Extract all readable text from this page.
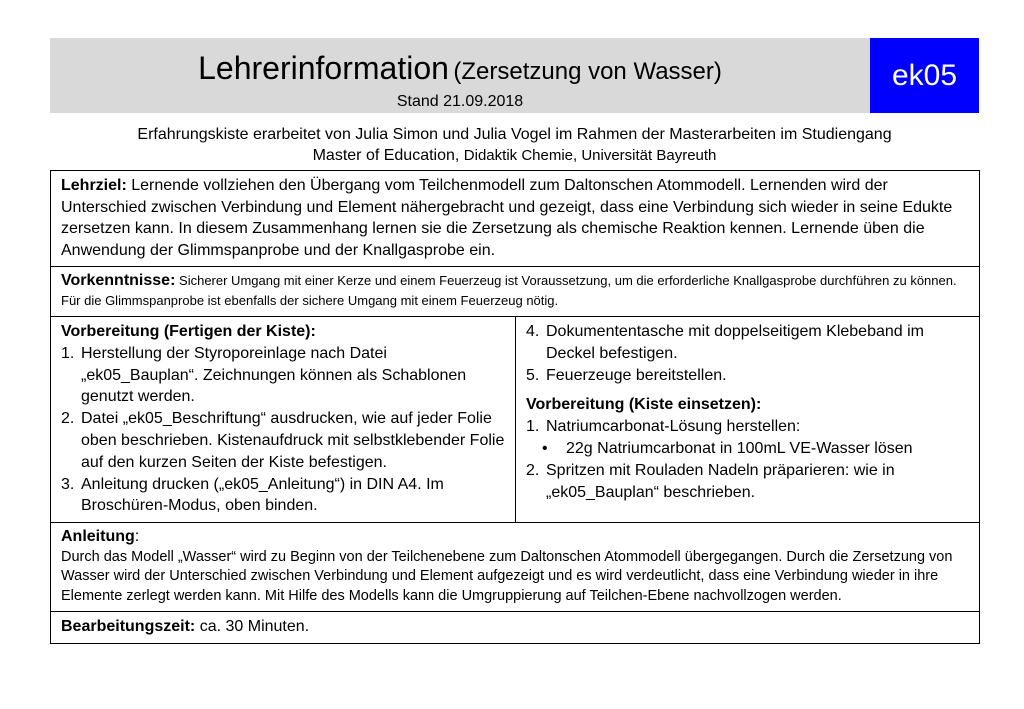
Lehrerinformation (Zersetzung von Wasser)
Stand 21.09.2018
ek05
Erfahrungskiste erarbeitet von Julia Simon und Julia Vogel im Rahmen der Masterarbeiten im Studiengang
Master of Education, Didaktik Chemie, Universität Bayreuth
Lehrziel: Lernende vollziehen den Übergang vom Teilchenmodell zum Daltonschen Atommodell. Lernenden wird der Unterschied zwischen Verbindung und Element nähergebracht und gezeigt, dass eine Verbindung sich wieder in seine Edukte zersetzen kann. In diesem Zusammenhang lernen sie die Zersetzung als chemische Reaktion kennen. Lernende üben die Anwendung der Glimmspanprobe und der Knallgasprobe ein.
Vorkenntnisse: Sicherer Umgang mit einer Kerze und einem Feuerzeug ist Voraussetzung, um die erforderliche Knallgasprobe durchführen zu können. Für die Glimmspanprobe ist ebenfalls der sichere Umgang mit einem Feuerzeug nötig.
Vorbereitung (Fertigen der Kiste):
1. Herstellung der Styroporeinlage nach Datei „ek05_Bauplan“. Zeichnungen können als Schablonen genutzt werden.
2. Datei „ek05_Beschriftung“ ausdrucken, wie auf jeder Folie oben beschrieben. Kistenaufdruck mit selbstklebender Folie auf den kurzen Seiten der Kiste befestigen.
3. Anleitung drucken („ek05_Anleitung“) in DIN A4. Im Broschüren-Modus, oben binden.

4. Dokumententasche mit doppelseitigem Klebeband im Deckel befestigen.
5. Feuerzeuge bereitstellen.
Vorbereitung (Kiste einsetzen):
1. Natriumcarbonat-Lösung herstellen:
• 22g Natriumcarbonat in 100mL VE-Wasser lösen
2. Spritzen mit Rouladen Nadeln präparieren: wie in „ek05_Bauplan“ beschrieben.

Anleitung:
Durch das Modell „Wasser“ wird zu Beginn von der Teilchenebene zum Daltonschen Atommodell übergegangen. Durch die Zersetzung von Wasser wird der Unterschied zwischen Verbindung und Element aufgezeigt und es wird verdeutlicht, dass eine Verbindung wieder in ihre Elemente zerlegt werden kann. Mit Hilfe des Modells kann die Umgruppierung auf Teilchen-Ebene nachvollzogen werden.

Bearbeitungszeit: ca. 30 Minuten.
